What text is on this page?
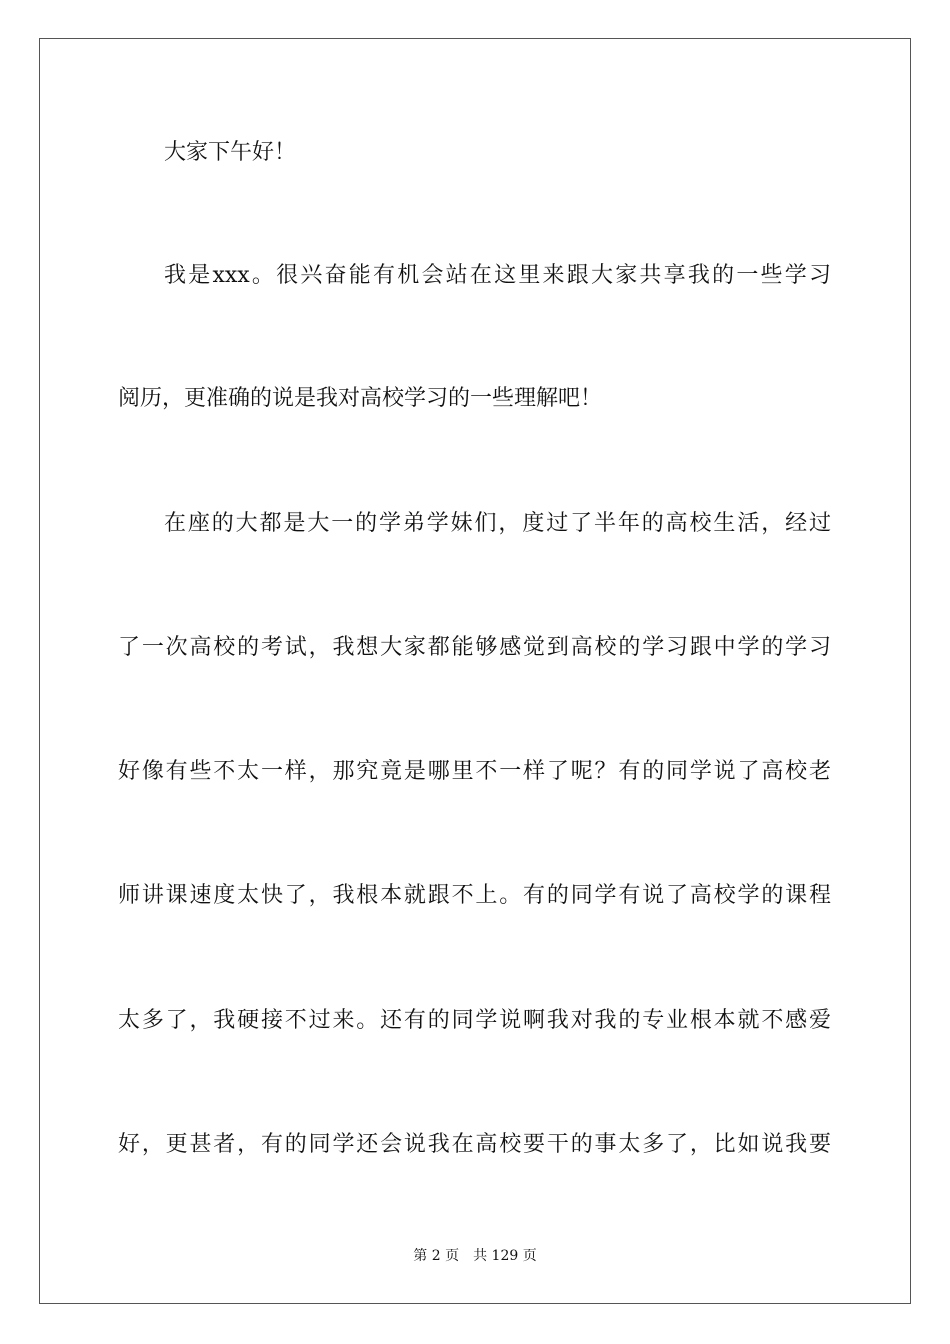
大家下午好！
我是xxx。很兴奋能有机会站在这里来跟大家共享我的一些学习
阅历，更准确的说是我对高校学习的一些理解吧！
在座的大都是大一的学弟学妹们，度过了半年的高校生活，经过
了一次高校的考试，我想大家都能够感觉到高校的学习跟中学的学习
好像有些不太一样，那究竟是哪里不一样了呢？有的同学说了高校老
师讲课速度太快了，我根本就跟不上。有的同学有说了高校学的课程
太多了，我硬接不过来。还有的同学说啊我对我的专业根本就不感爱
好，更甚者，有的同学还会说我在高校要干的事太多了，比如说我要
第 2 页 共 129 页
